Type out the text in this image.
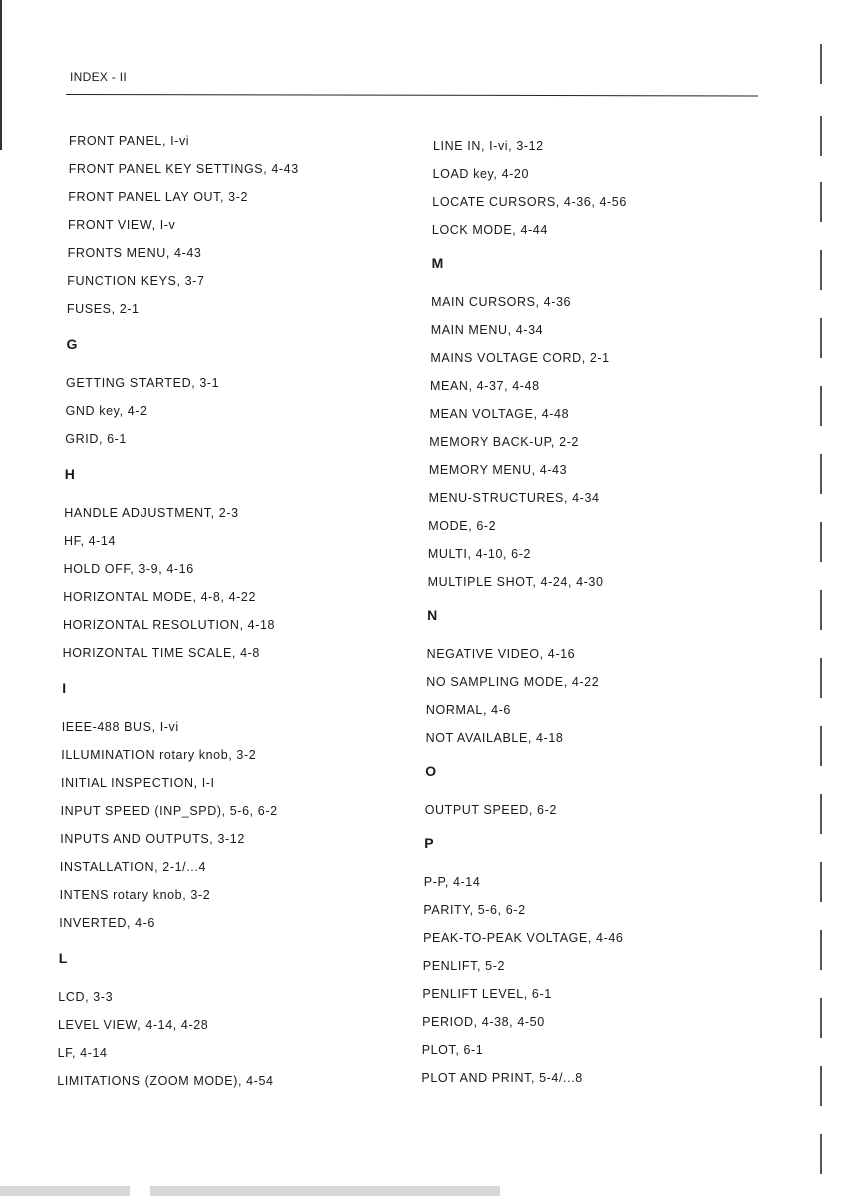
INDEX - II
FRONT PANEL, I-vi
FRONT PANEL KEY SETTINGS, 4-43
FRONT PANEL LAY OUT, 3-2
FRONT VIEW, I-v
FRONTS MENU, 4-43
FUNCTION KEYS, 3-7
FUSES, 2-1
G
GETTING STARTED, 3-1
GND key, 4-2
GRID, 6-1
H
HANDLE ADJUSTMENT, 2-3
HF, 4-14
HOLD OFF, 3-9, 4-16
HORIZONTAL MODE, 4-8, 4-22
HORIZONTAL RESOLUTION, 4-18
HORIZONTAL TIME SCALE, 4-8
I
IEEE-488 BUS, I-vi
ILLUMINATION rotary knob, 3-2
INITIAL INSPECTION, I-I
INPUT SPEED (INP_SPD), 5-6, 6-2
INPUTS AND OUTPUTS, 3-12
INSTALLATION, 2-1/...4
INTENS rotary knob, 3-2
INVERTED, 4-6
L
LCD, 3-3
LEVEL VIEW, 4-14, 4-28
LF, 4-14
LIMITATIONS (ZOOM MODE), 4-54
LINE IN, I-vi, 3-12
LOAD key, 4-20
LOCATE CURSORS, 4-36, 4-56
LOCK MODE, 4-44
M
MAIN CURSORS, 4-36
MAIN MENU, 4-34
MAINS VOLTAGE CORD, 2-1
MEAN, 4-37, 4-48
MEAN VOLTAGE, 4-48
MEMORY BACK-UP, 2-2
MEMORY MENU, 4-43
MENU-STRUCTURES, 4-34
MODE, 6-2
MULTI, 4-10, 6-2
MULTIPLE SHOT, 4-24, 4-30
N
NEGATIVE VIDEO, 4-16
NO SAMPLING MODE, 4-22
NORMAL, 4-6
NOT AVAILABLE, 4-18
O
OUTPUT SPEED, 6-2
P
P-P, 4-14
PARITY, 5-6, 6-2
PEAK-TO-PEAK VOLTAGE, 4-46
PENLIFT, 5-2
PENLIFT LEVEL, 6-1
PERIOD, 4-38, 4-50
PLOT, 6-1
PLOT AND PRINT, 5-4/...8
